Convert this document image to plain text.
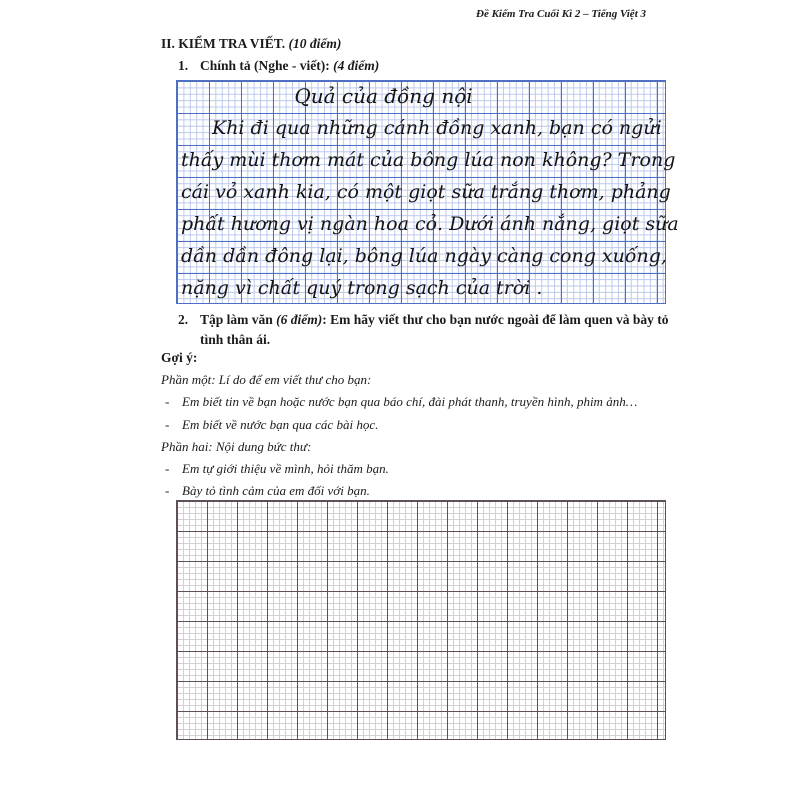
Đề Kiểm Tra Cuối Kì 2 – Tiếng Việt 3
II. KIỂM TRA VIẾT. (10 điểm)
1. Chính tả (Nghe - viết): (4 điểm)
Quả của đồng nội
Khi đi qua những cánh đồng xanh, bạn có ngửi
thấy mùi thơm mát của bông lúa non không? Trong
cái vỏ xanh kia, có một giọt sữa trắng thơm, phảng
phất hương vị ngàn hoa cỏ. Dưới ánh nắng, giọt sữa
dần dần đông lại, bông lúa ngày càng cong xuống,
nặng vì chất quý trong sạch của trời .
2. Tập làm văn (6 điểm): Em hãy viết thư cho bạn nước ngoài để làm quen và bày tỏ
tình thân ái.
Gợi ý:
Phần một: Lí do để em viết thư cho bạn:
- Em biết tin về bạn hoặc nước bạn qua báo chí, đài phát thanh, truyền hình, phim ảnh…
- Em biết về nước bạn qua các bài học.
Phần hai: Nội dung bức thư:
- Em tự giới thiệu về mình, hỏi thăm bạn.
- Bày tỏ tình cảm của em đối với bạn.
